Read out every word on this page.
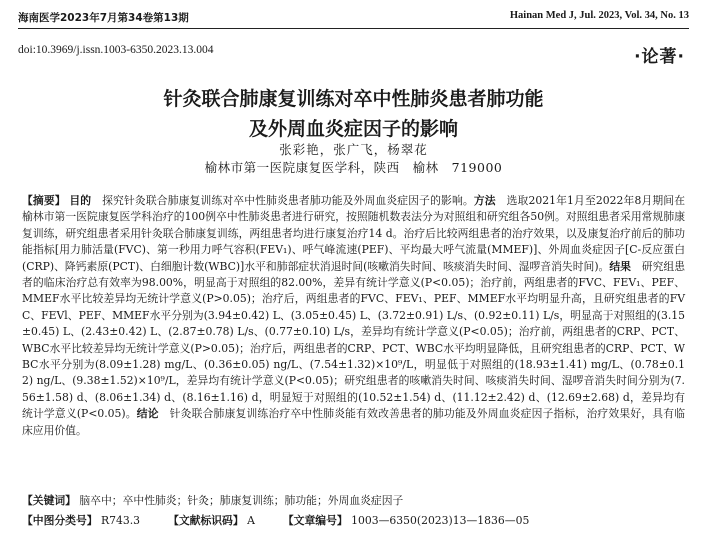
海南医学2023年7月第34卷第13期	Hainan Med J, Jul. 2023, Vol. 34, No. 13
doi:10.3969/j.issn.1003-6350.2023.13.004	·论著·
针灸联合肺康复训练对卒中性肺炎患者肺功能
及外周血炎症因子的影响
张彩艳，张广飞，杨翠花
榆林市第一医院康复医学科，陕西　榆林　719000
【摘要】 目的　 探究针灸联合肺康复训练对卒中性肺炎患者肺功能及外周血炎症因子的影响。方法　 选取2021年1月至2022年8月期间在榆林市第一医院康复医学科治疗的100例卒中性肺炎患者进行研究，按照随机数表法分为对照组和研究组各50例。对照组患者采用常规肺康复训练，研究组患者采用针灸联合肺康复训练，两组患者均进行康复治疗14 d。治疗后比较两组患者的治疗效果，以及康复治疗前后的肺功能指标[用力肺活量(FVC)、第一秒用力呼气容积(FEV₁)、呼气峰流速(PEF)、平均最大呼气流量(MMEF)]、外周血炎症因子[C-反应蛋白(CRP)、降钙素原(PCT)、白细胞计数(WBC)]水平和肺部症状消退时间(咳嗽消失时间、咳痰消失时间、湿啰音消失时间)。结果　 研究组患者的临床治疗总有效率为98.00%，明显高于对照组的82.00%，差异有统计学意义(P<0.05)；治疗前，两组患者的FVC、FEV₁、PEF、MMEF水平比较差异均无统计学意义(P>0.05)；治疗后，两组患者的FVC、FEV₁、PEF、MMEF水平均明显升高，且研究组患者的FVC、FEVl、PEF、MMEF水平分别为(3.94±0.42) L、(3.05±0.45) L、(3.72±0.91) L/s、(0.92±0.11) L/s，明显高于对照组的(3.15±0.45) L、(2.43±0.42) L、(2.87±0.78) L/s、(0.77±0.10) L/s，差异均有统计学意义(P<0.05)；治疗前，两组患者的CRP、PCT、WBC水平比较差异均无统计学意义(P>0.05)；治疗后，两组患者的CRP、PCT、WBC水平均明显降低，且研究组患者的CRP、PCT、WBC水平分别为(8.09±1.28) mg/L、(0.36±0.05) ng/L、(7.54±1.32)×10⁹/L，明显低于对照组的(18.93±1.41) mg/L、(0.78±0.12) ng/L、(9.38±1.52)×10⁹/L，差异均有统计学意义(P<0.05)；研究组患者的咳嗽消失时间、咳痰消失时间、湿啰音消失时间分别为(7.56±1.58) d、(8.06±1.34) d、(8.16±1.16) d，明显短于对照组的(10.52±1.54) d、(11.12±2.42) d、(12.69±2.68) d，差异均有统计学意义(P<0.05)。结论　 针灸联合肺康复训练治疗卒中性肺炎能有效改善患者的肺功能及外周血炎症因子指标，治疗效果好，具有临床应用价值。
【关键词】 脑卒中；卒中性肺炎；针灸；肺康复训练；肺功能；外周血炎症因子
【中图分类号】 R743.3	【文献标识码】 A	【文章编号】 1003—6350(2023)13—1836—05
